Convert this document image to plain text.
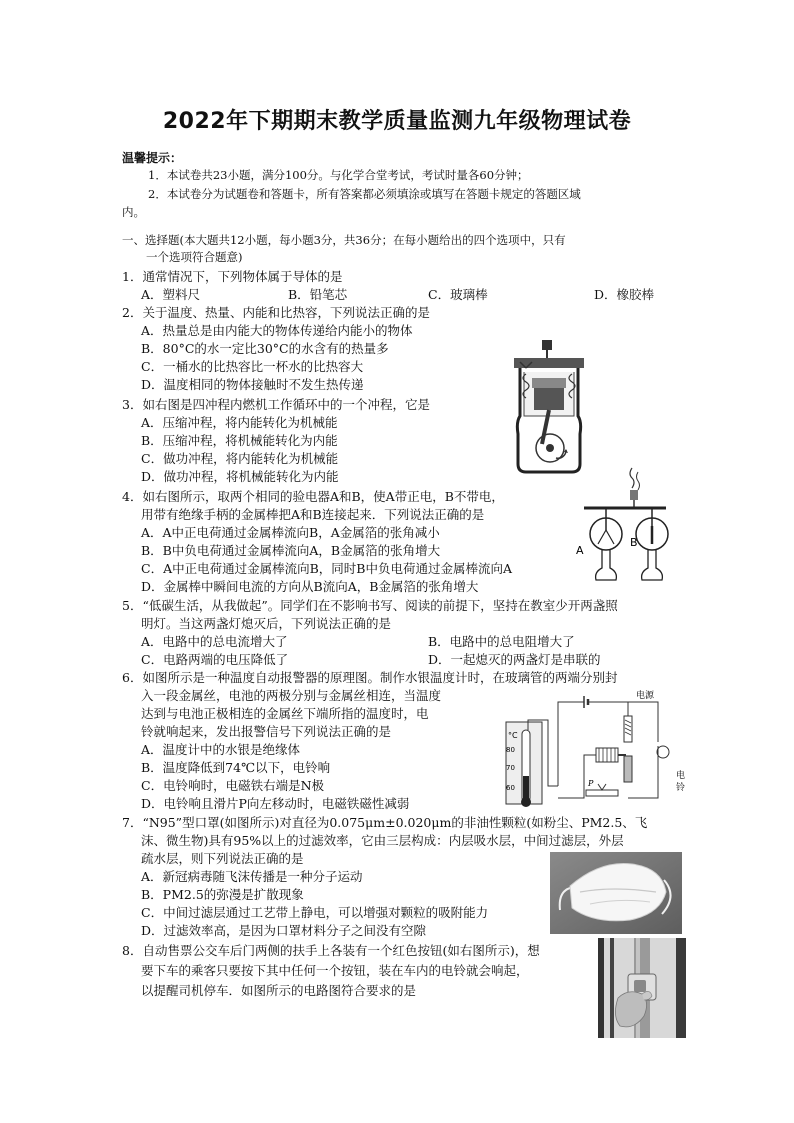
2022年下期期末教学质量监测九年级物理试卷
温馨提示：
1．本试卷共23小题，满分100分。与化学合堂考试，考试时量各60分钟；
2．本试卷分为试题卷和答题卡，所有答案都必须填涂或填写在答题卡规定的答题区域
内。
一、选择题(本大题共12小题，每小题3分，共36分；在每小题给出的四个选项中，只有
一个选项符合题意)
1．通常情况下，下列物体属于导体的是
A．塑料尺	B．铅笔芯	C．玻璃棒	D．橡胶棒
2．关于温度、热量、内能和比热容，下列说法正确的是
A．热量总是由内能大的物体传递给内能小的物体
B．80°C的水一定比30°C的水含有的热量多
C．一桶水的比热容比一杯水的比热容大
D．温度相同的物体接触时不发生热传递
3．如右图是四冲程内燃机工作循环中的一个冲程，它是
A．压缩冲程，将内能转化为机械能
B．压缩冲程，将机械能转化为内能
C．做功冲程，将内能转化为机械能
D．做功冲程，将机械能转化为内能
4．如右图所示，取两个相同的验电器A和B，使A带正电，B不带电，
用带有绝缘手柄的金属棒把A和B连接起来．下列说法正确的是
A．A中正电荷通过金属棒流向B，A金属箔的张角减小
B．B中负电荷通过金属棒流向A，B金属箔的张角增大
C．A中正电荷通过金属棒流向B，同时B中负电荷通过金属棒流向A
D．金属棒中瞬间电流的方向从B流向A，B金属箔的张角增大
A
B
5．“低碳生活，从我做起”。同学们在不影响书写、阅读的前提下，坚持在教室少开两盏照
明灯。当这两盏灯熄灭后，下列说法正确的是
A．电路中的总电流增大了	B．电路中的总电阻增大了
C．电路两端的电压降低了	D．一起熄灭的两盏灯是串联的
6．如图所示是一种温度自动报警器的原理图。制作水银温度计时，在玻璃管的两端分别封
入一段金属丝，电池的两极分别与金属丝相连，当温度
达到与电池正极相连的金属丝下端所指的温度时，电
铃就响起来，发出报警信号下列说法正确的是
A．温度计中的水银是绝缘体
B．温度降低到74℃以下，电铃响
C．电铃响时，电磁铁右端是N极
D．电铃响且滑片P向左移动时，电磁铁磁性减弱
电源
°C
80
70
60
电
铃
P
7．“N95”型口罩(如图所示)对直径为0.075μm±0.020μm的非油性颗粒(如粉尘、PM2.5、飞
沫、微生物)具有95%以上的过滤效率，它由三层构成：内层吸水层，中间过滤层，外层
疏水层，则下列说法正确的是
A．新冠病毒随飞沫传播是一种分子运动
B．PM2.5的弥漫是扩散现象
C．中间过滤层通过工艺带上静电，可以增强对颗粒的吸附能力
D．过滤效率高，是因为口罩材料分子之间没有空隙
8．自动售票公交车后门两侧的扶手上各装有一个红色按钮(如右图所示)，想
要下车的乘客只要按下其中任何一个按钮，装在车内的电铃就会响起，
以提醒司机停车．如图所示的电路图符合要求的是
